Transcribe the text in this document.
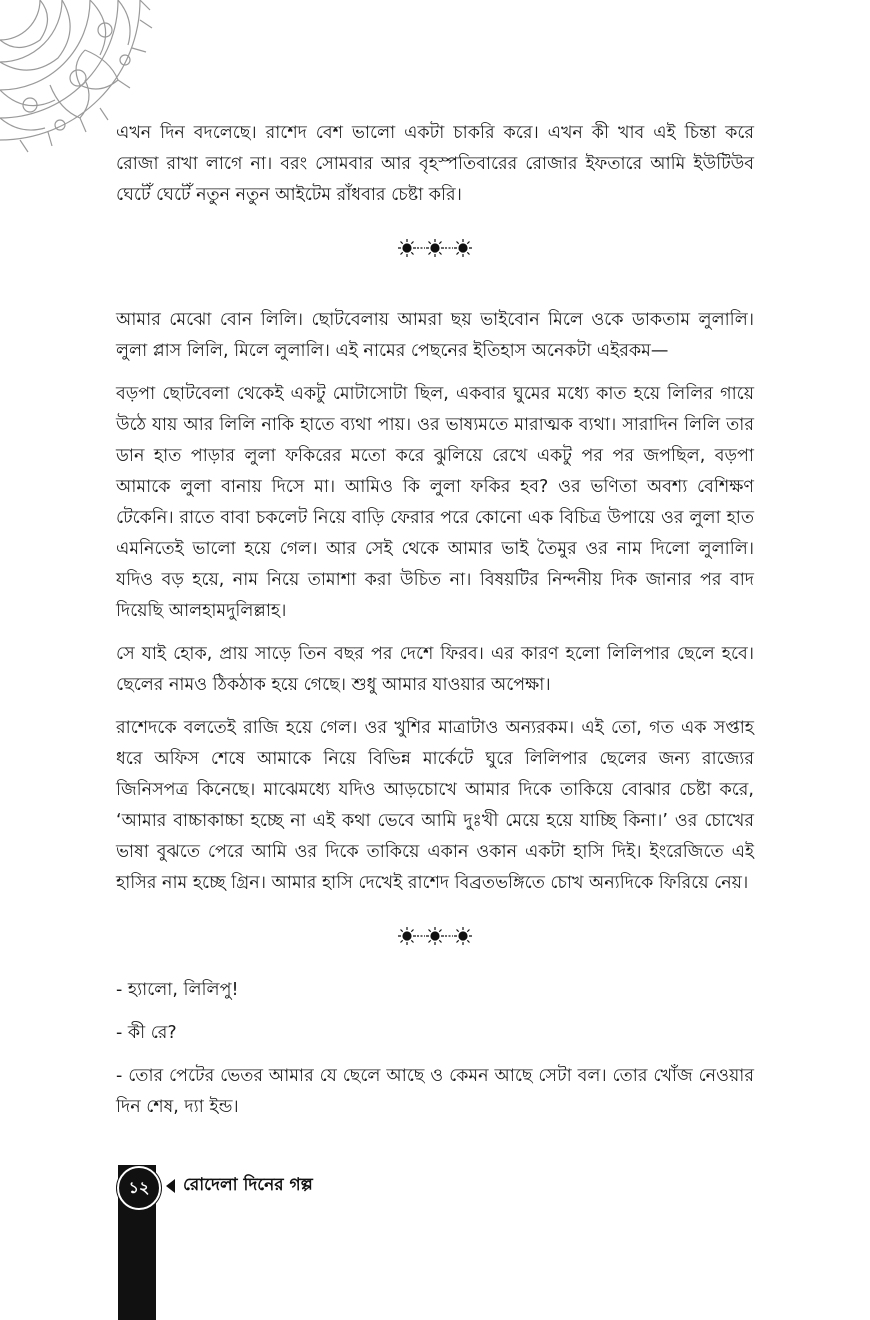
এখন দিন বদলেছে। রাশেদ বেশ ভালো একটা চাকরি করে। এখন কী খাব এই চিন্তা করে রোজা রাখা লাগে না। বরং সোমবার আর বৃহস্পতিবারের রোজার ইফতারে আমি ইউটিউব ঘেটেঁ ঘেটেঁ নতুন নতুন আইটেম রাঁধবার চেষ্টা করি।

আমার মেঝো বোন লিলি। ছোটবেলায় আমরা ছয় ভাইবোন মিলে ওকে ডাকতাম লুলালি। লুলা প্লাস লিলি, মিলে লুলালি। এই নামের পেছনের ইতিহাস অনেকটা এইরকম—

বড়পা ছোটবেলা থেকেই একটু মোটাসোটা ছিল, একবার ঘুমের মধ্যে কাত হয়ে লিলির গায়ে উঠে যায় আর লিলি নাকি হাতে ব্যথা পায়। ওর ভাষ্যমতে মারাত্মক ব্যথা। সারাদিন লিলি তার ডান হাত পাড়ার লুলা ফকিরের মতো করে ঝুলিয়ে রেখে একটু পর পর জপছিল, বড়পা আমাকে লুলা বানায় দিসে মা। আমিও কি লুলা ফকির হব? ওর ভণিতা অবশ্য বেশিক্ষণ টেকেনি। রাতে বাবা চকলেট নিয়ে বাড়ি ফেরার পরে কোনো এক বিচিত্র উপায়ে ওর লুলা হাত এমনিতেই ভালো হয়ে গেল। আর সেই থেকে আমার ভাই তৈমুর ওর নাম দিলো লুলালি। যদিও বড় হয়ে, নাম নিয়ে তামাশা করা উচিত না। বিষয়টির নিন্দনীয় দিক জানার পর বাদ দিয়েছি আলহামদুলিল্লাহ।

সে যাই হোক, প্রায় সাড়ে তিন বছর পর দেশে ফিরব। এর কারণ হলো লিলিপার ছেলে হবে। ছেলের নামও ঠিকঠাক হয়ে গেছে। শুধু আমার যাওয়ার অপেক্ষা।

রাশেদকে বলতেই রাজি হয়ে গেল। ওর খুশির মাত্রাটাও অন্যরকম। এই তো, গত এক সপ্তাহ ধরে অফিস শেষে আমাকে নিয়ে বিভিন্ন মার্কেটে ঘুরে লিলিপার ছেলের জন্য রাজ্যের জিনিসপত্র কিনেছে। মাঝেমধ্যে যদিও আড়চোখে আমার দিকে তাকিয়ে বোঝার চেষ্টা করে, ‘আমার বাচ্চাকাচ্চা হচ্ছে না এই কথা ভেবে আমি দুঃখী মেয়ে হয়ে যাচ্ছি কিনা।’ ওর চোখের ভাষা বুঝতে পেরে আমি ওর দিকে তাকিয়ে একান ওকান একটা হাসি দিই। ইংরেজিতে এই হাসির নাম হচ্ছে গ্রিন। আমার হাসি দেখেই রাশেদ বিব্রতভঙ্গিতে চোখ অন্যদিকে ফিরিয়ে নেয়।

- হ্যালো, লিলিপু!

- কী রে?

- তোর পেটের ভেতর আমার যে ছেলে আছে ও কেমন আছে সেটা বল। তোর খোঁজ নেওয়ার দিন শেষ, দ্যা ইন্ড।

১২	রোদেলা দিনের গল্প
